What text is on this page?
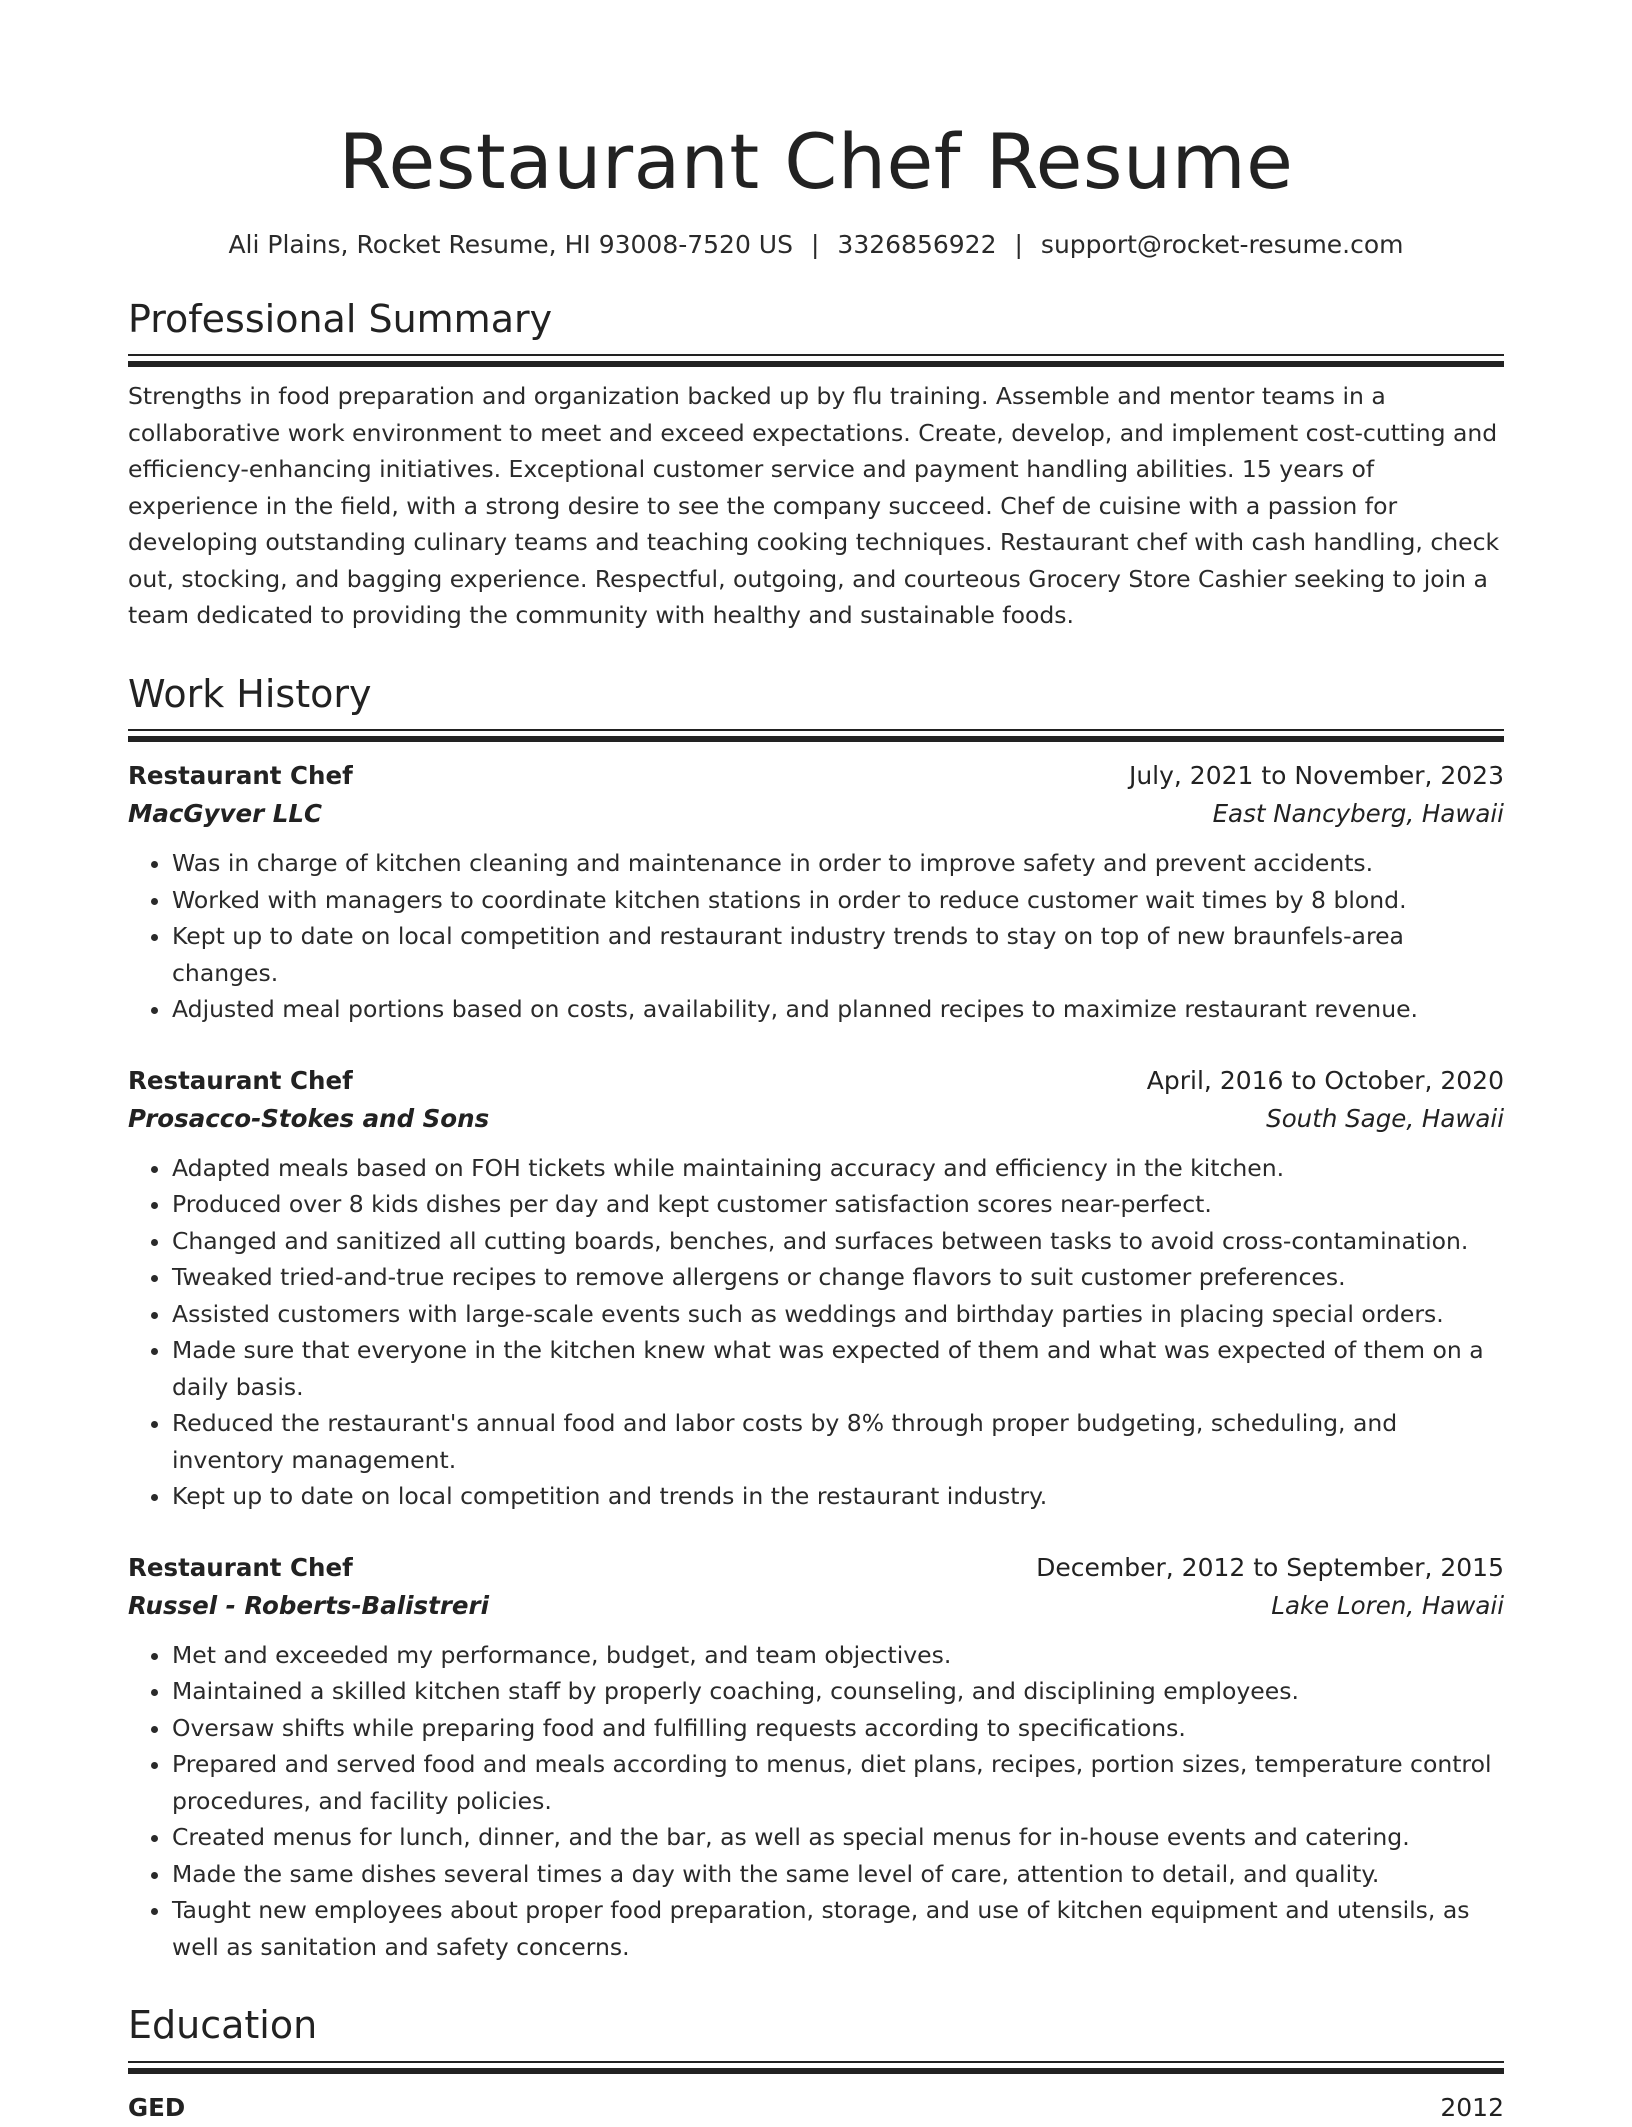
Restaurant Chef Resume
Ali Plains, Rocket Resume, HI 93008-7520 US | 3326856922 | support@rocket-resume.com
Professional Summary
Strengths in food preparation and organization backed up by flu training. Assemble and mentor teams in a collaborative work environment to meet and exceed expectations. Create, develop, and implement cost-cutting and efficiency-enhancing initiatives. Exceptional customer service and payment handling abilities. 15 years of experience in the field, with a strong desire to see the company succeed. Chef de cuisine with a passion for developing outstanding culinary teams and teaching cooking techniques. Restaurant chef with cash handling, check out, stocking, and bagging experience. Respectful, outgoing, and courteous Grocery Store Cashier seeking to join a team dedicated to providing the community with healthy and sustainable foods.
Work History
Restaurant Chef	July, 2021 to November, 2023
MacGyver LLC	East Nancyberg, Hawaii
• Was in charge of kitchen cleaning and maintenance in order to improve safety and prevent accidents.
• Worked with managers to coordinate kitchen stations in order to reduce customer wait times by 8 blond.
• Kept up to date on local competition and restaurant industry trends to stay on top of new braunfels-area changes.
• Adjusted meal portions based on costs, availability, and planned recipes to maximize restaurant revenue.
Restaurant Chef	April, 2016 to October, 2020
Prosacco-Stokes and Sons	South Sage, Hawaii
• Adapted meals based on FOH tickets while maintaining accuracy and efficiency in the kitchen.
• Produced over 8 kids dishes per day and kept customer satisfaction scores near-perfect.
• Changed and sanitized all cutting boards, benches, and surfaces between tasks to avoid cross-contamination.
• Tweaked tried-and-true recipes to remove allergens or change flavors to suit customer preferences.
• Assisted customers with large-scale events such as weddings and birthday parties in placing special orders.
• Made sure that everyone in the kitchen knew what was expected of them and what was expected of them on a daily basis.
• Reduced the restaurant's annual food and labor costs by 8% through proper budgeting, scheduling, and inventory management.
• Kept up to date on local competition and trends in the restaurant industry.
Restaurant Chef	December, 2012 to September, 2015
Russel - Roberts-Balistreri	Lake Loren, Hawaii
• Met and exceeded my performance, budget, and team objectives.
• Maintained a skilled kitchen staff by properly coaching, counseling, and disciplining employees.
• Oversaw shifts while preparing food and fulfilling requests according to specifications.
• Prepared and served food and meals according to menus, diet plans, recipes, portion sizes, temperature control procedures, and facility policies.
• Created menus for lunch, dinner, and the bar, as well as special menus for in-house events and catering.
• Made the same dishes several times a day with the same level of care, attention to detail, and quality.
• Taught new employees about proper food preparation, storage, and use of kitchen equipment and utensils, as well as sanitation and safety concerns.
Education
GED	2012
